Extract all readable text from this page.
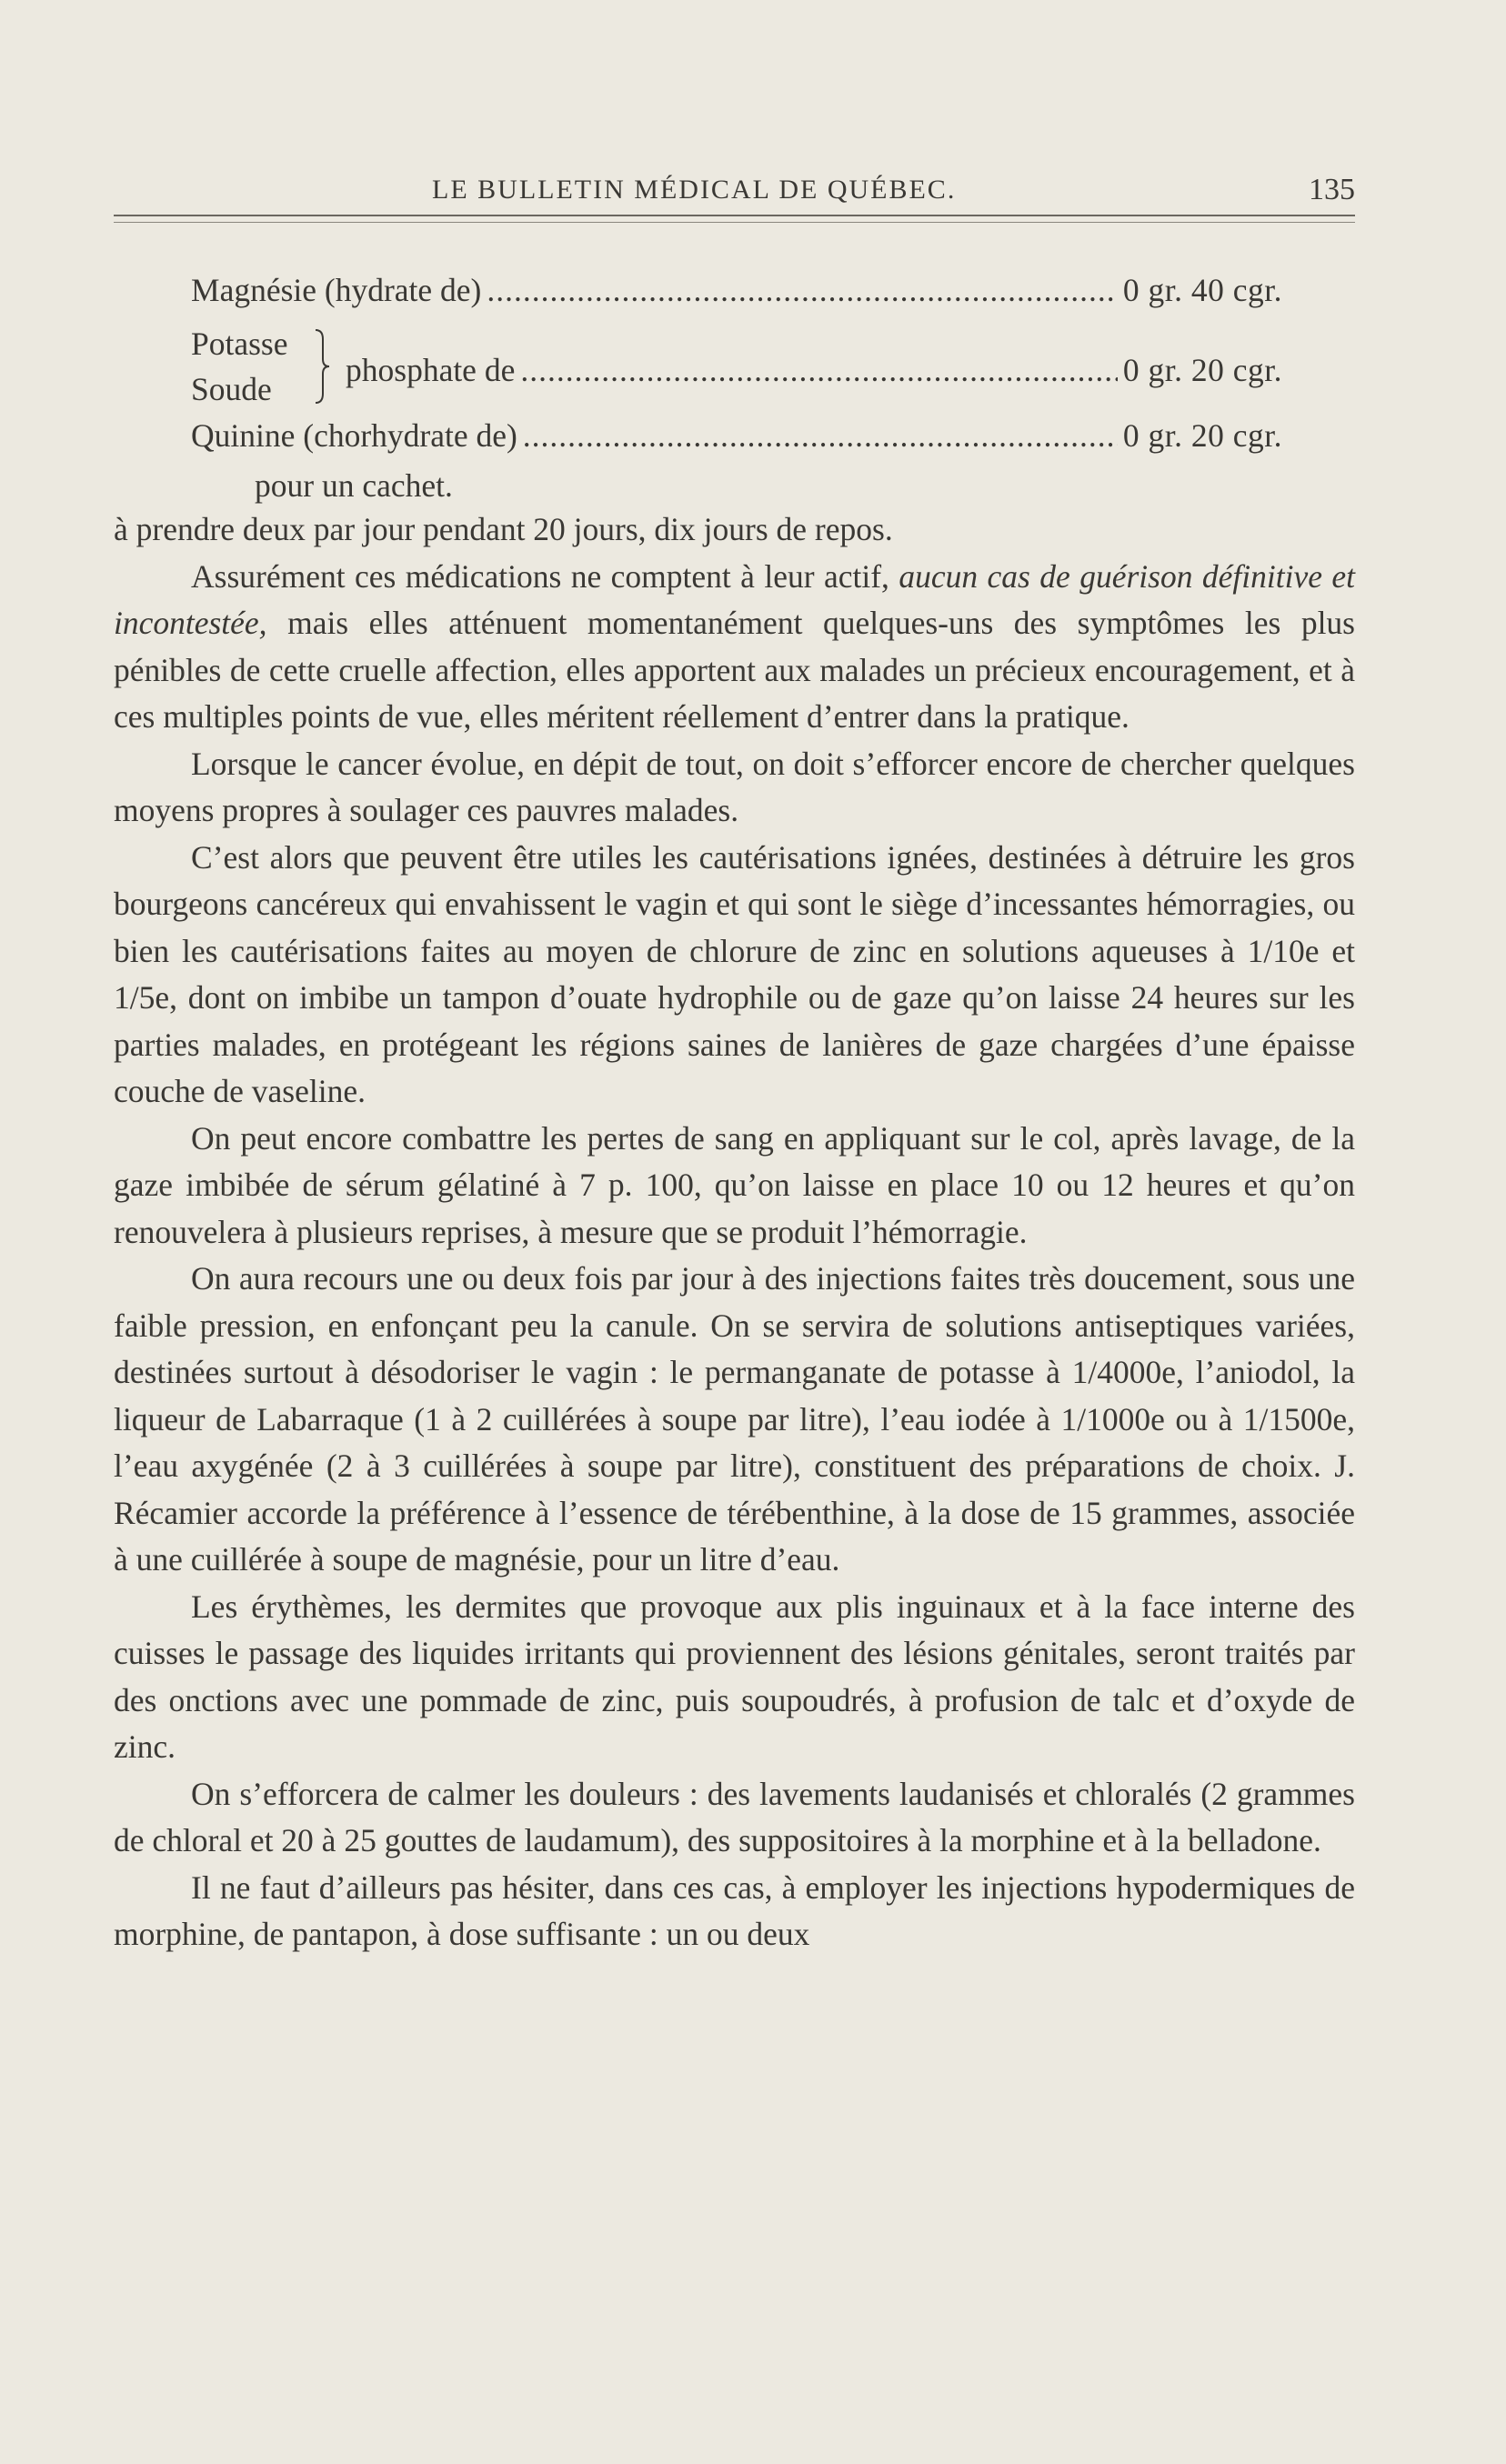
LE BULLETIN MÉDICAL DE QUÉBEC.	135
Magnésie (hydrate de) .....	0 gr. 40 cgr.
Potasse
Soude
phosphate de .....	0 gr. 20 cgr.
Quinine (chorhydrate de) .....	0 gr. 20 cgr.
pour un cachet.

à prendre deux par jour pendant 20 jours, dix jours de repos.

Assurément ces médications ne comptent à leur actif, aucun cas de guérison définitive et incontestée, mais elles atténuent momentanément quelques-uns des symptômes les plus pénibles de cette cruelle affection, elles apportent aux malades un précieux encouragement, et à ces multiples points de vue, elles méritent réellement d’entrer dans la pratique.

Lorsque le cancer évolue, en dépit de tout, on doit s’efforcer encore de chercher quelques moyens propres à soulager ces pauvres malades.

C’est alors que peuvent être utiles les cautérisations ignées, destinées à détruire les gros bourgeons cancéreux qui envahissent le vagin et qui sont le siège d’incessantes hémorragies, ou bien les cautérisations faites au moyen de chlorure de zinc en solutions aqueuses à 1/10e et 1/5e, dont on imbibe un tampon d’ouate hydrophile ou de gaze qu’on laisse 24 heures sur les parties malades, en protégeant les régions saines de lanières de gaze chargées d’une épaisse couche de vaseline.

On peut encore combattre les pertes de sang en appliquant sur le col, après lavage, de la gaze imbibée de sérum gélatiné à 7 p. 100, qu’on laisse en place 10 ou 12 heures et qu’on renouvelera à plusieurs reprises, à mesure que se produit l’hémorragie.

On aura recours une ou deux fois par jour à des injections faites très doucement, sous une faible pression, en enfonçant peu la canule. On se servira de solutions antiseptiques variées, destinées surtout à désodoriser le vagin : le permanganate de potasse à 1/4000e, l’aniodol, la liqueur de Labarraque (1 à 2 cuillérées à soupe par litre), l’eau iodée à 1/1000e ou à 1/1500e, l’eau axygénée (2 à 3 cuillérées à soupe par litre), constituent des préparations de choix. J. Récamier accorde la préférence à l’essence de térébenthine, à la dose de 15 grammes, associée à une cuillérée à soupe de magnésie, pour un litre d’eau.

Les érythèmes, les dermites que provoque aux plis inguinaux et à la face interne des cuisses le passage des liquides irritants qui proviennent des lésions génitales, seront traités par des onctions avec une pommade de zinc, puis soupoudrés, à profusion de talc et d’oxyde de zinc.

On s’efforcera de calmer les douleurs : des lavements laudanisés et chloralés (2 grammes de chloral et 20 à 25 gouttes de laudamum), des suppositoires à la morphine et à la belladone.

Il ne faut d’ailleurs pas hésiter, dans ces cas, à employer les injections hypodermiques de morphine, de pantapon, à dose suffisante : un ou deux
